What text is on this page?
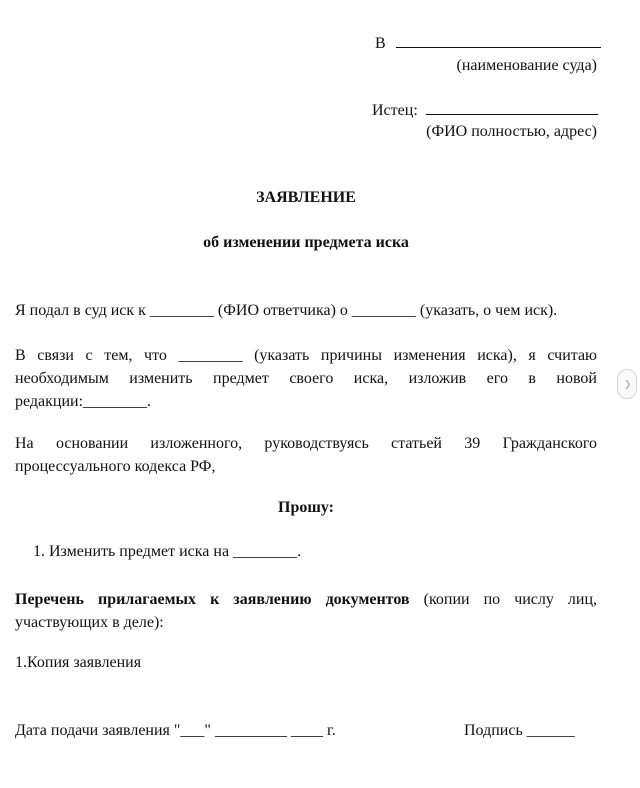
В
(наименование суда)
Истец:
(ФИО полностью, адрес)
ЗАЯВЛЕНИЕ
об изменении предмета иска
Я подал в суд иск к ________ (ФИО ответчика) о ________ (указать, о чем иск).
В связи с тем, что ________ (указать причины изменения иска), я считаю необходимым изменить предмет своего иска, изложив его в новой редакции:________.
На основании изложенного, руководствуясь статьей 39 Гражданского процессуального кодекса РФ,
Прошу:
1. Изменить предмет иска на ________.
Перечень прилагаемых к заявлению документов (копии по числу лиц, участвующих в деле):
1.Копия заявления
Дата подачи заявления "___" _________ ____ г.	Подпись ______
❯
